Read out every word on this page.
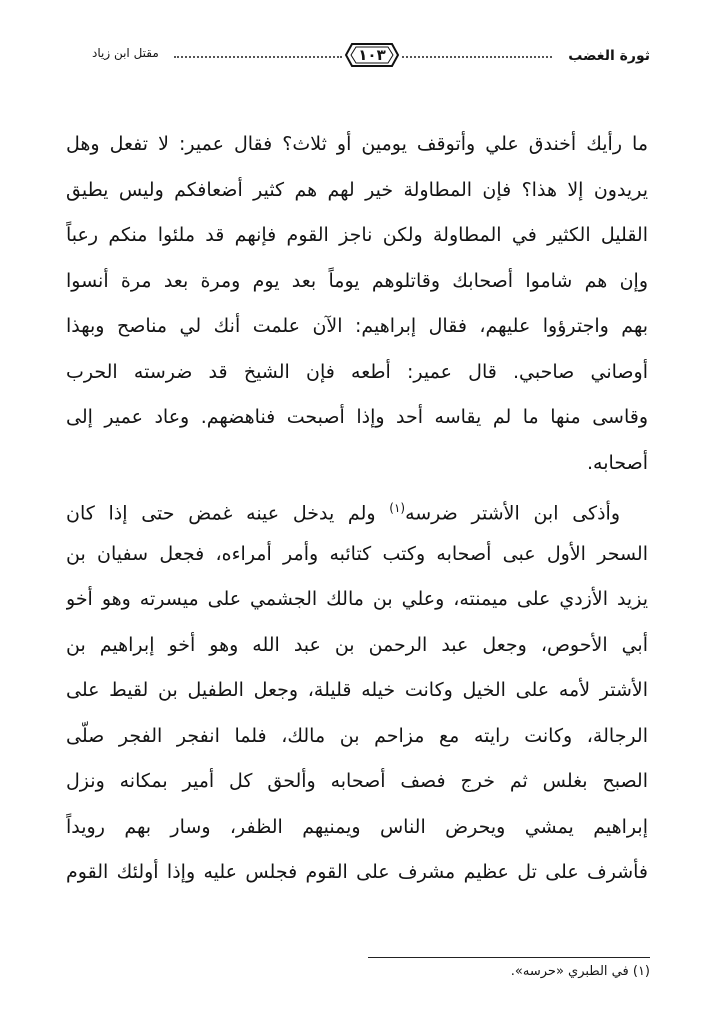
ثورة الغضب
١٠٣
مقتل ابن زياد
ما رأيك أخندق علي وأتوقف يومين أو ثلاث؟ فقال عمير: لا تفعل وهل
يريدون إلا هذا؟ فإن المطاولة خير لهم هم كثير أضعافكم وليس يطيق
القليل الكثير في المطاولة ولكن ناجز القوم فإنهم قد ملئوا منكم رعباً
وإن هم شاموا أصحابك وقاتلوهم يوماً بعد يوم ومرة بعد مرة أنسوا
بهم واجترؤوا عليهم، فقال إبراهيم: الآن علمت أنك لي مناصح وبهذا
أوصاني صاحبي. قال عمير: أطعه فإن الشيخ قد ضرسته الحرب
وقاسى منها ما لم يقاسه أحد وإذا أصبحت فناهضهم. وعاد عمير إلى
أصحابه.
وأذكى ابن الأشتر ضرسه$^{(١)}$ ولم يدخل عينه غمض حتى إذا كان
السحر الأول عبى أصحابه وكتب كتائبه وأمر أمراءه، فجعل سفيان بن
يزيد الأزدي على ميمنته، وعلي بن مالك الجشمي على ميسرته وهو أخو
أبي الأحوص، وجعل عبد الرحمن بن عبد الله وهو أخو إبراهيم بن
الأشتر لأمه على الخيل وكانت خيله قليلة، وجعل الطفيل بن لقيط على
الرجالة، وكانت رايته مع مزاحم بن مالك، فلما انفجر الفجر صلّى
الصبح بغلس ثم خرج فصف أصحابه وألحق كل أمير بمكانه ونزل
إبراهيم يمشي ويحرض الناس ويمنيهم الظفر، وسار بهم رويداً
فأشرف على تل عظيم مشرف على القوم فجلس عليه وإذا أولئك القوم
(١) في الطبري «حرسه».
